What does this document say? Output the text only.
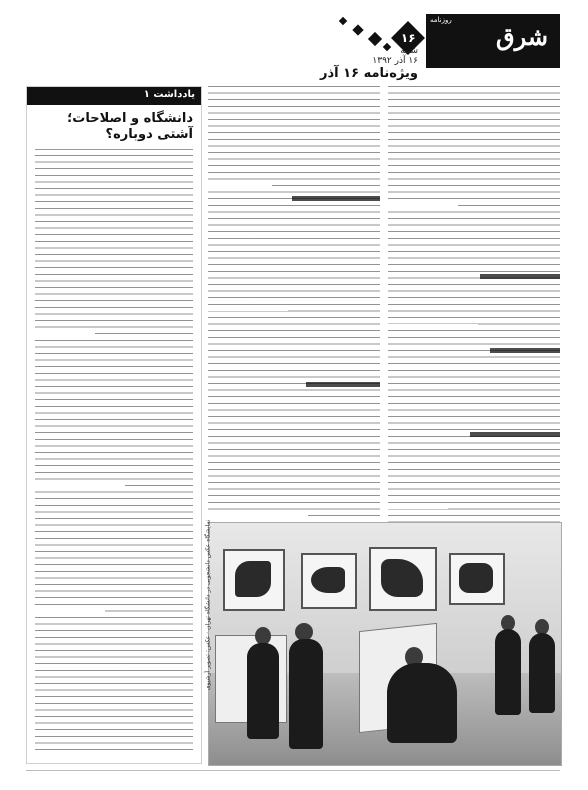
روزنامه
شرق
۱۶
شنبه
۱۶ آذر ۱۳۹۲
ویژه‌نامه ۱۶ آذر
یادداشت ۱
دانشگاه و اصلاحات؛ آشتی دوباره؟
نمایشگاه عکس دانشجویی در دانشگاه تهران · عکس: تصویر آرشیوی
